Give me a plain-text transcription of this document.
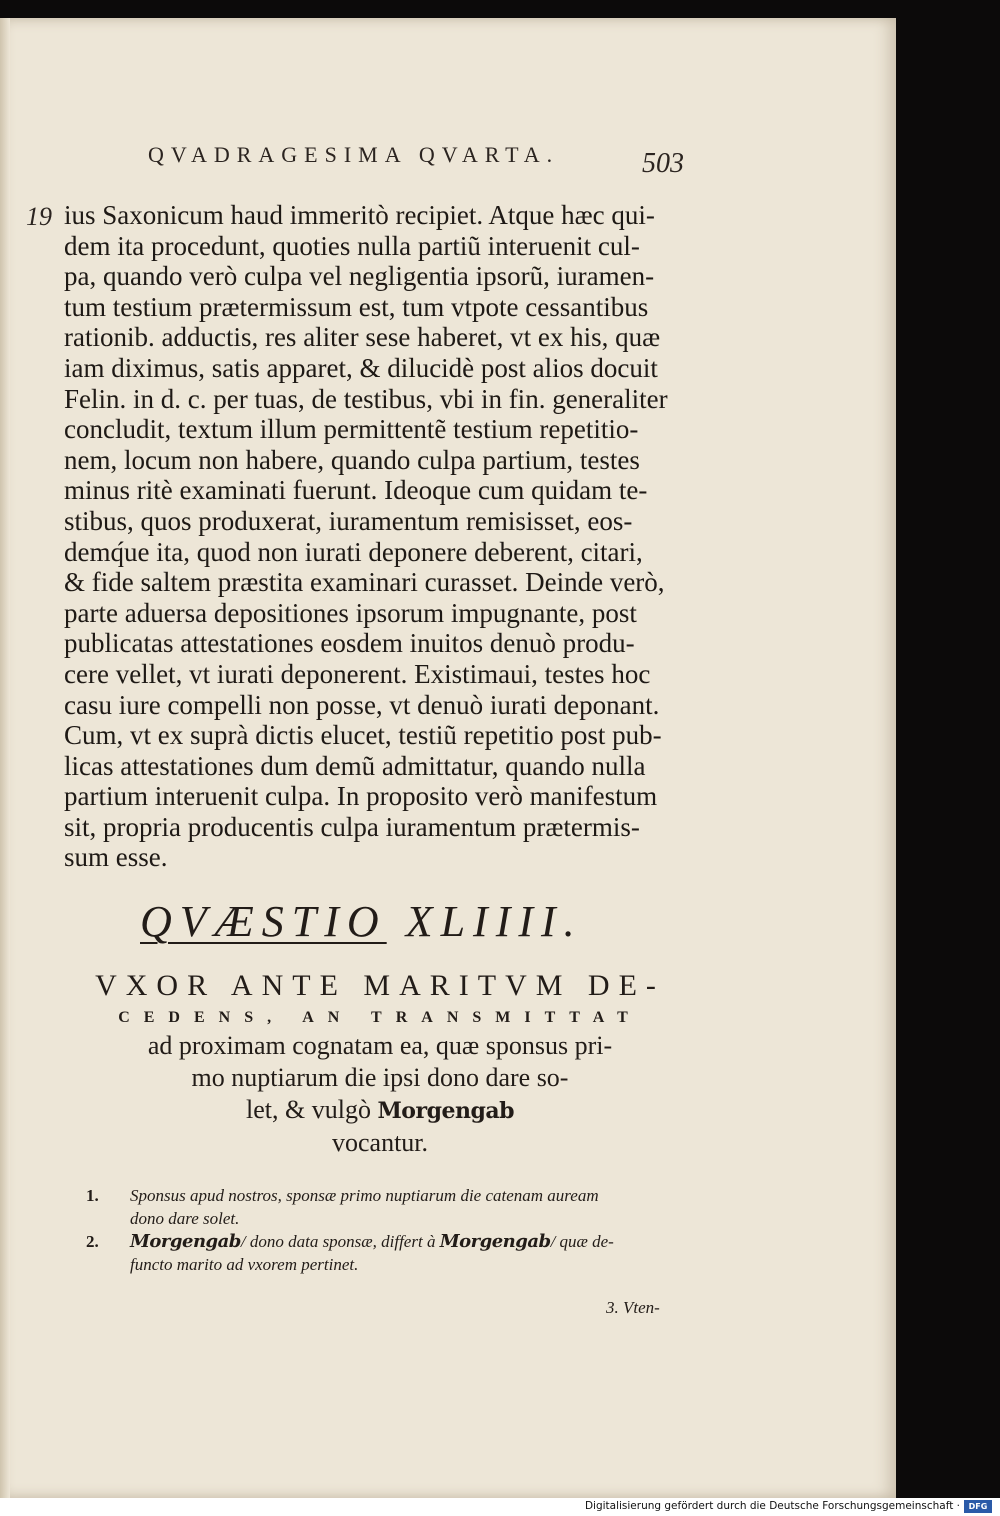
QVADRAGESIMA QVARTA.	503
19 ius Saxonicum haud immeritò recipiet. Atque hæc qui-
dem ita procedunt, quoties nulla partiũ interuenit cul-
pa, quando verò culpa vel negligentia ipsorũ, iuramen-
tum testium prætermissum est, tum vtpote cessantibus
rationib. adductis, res aliter sese haberet, vt ex his, quæ
iam diximus, satis apparet, & dilucidè post alios docuit
Felin. in d. c. per tuas, de testibus, vbi in fin. generaliter
concludit, textum illum permittentẽ testium repetitio-
nem, locum non habere, quando culpa partium, testes
minus ritè examinati fuerunt. Ideoque cum quidam te-
stibus, quos produxerat, iuramentum remisisset, eos-
demq́ue ita, quod non iurati deponere deberent, citari,
& fide saltem præstita examinari curasset. Deinde verò,
parte aduersa depositiones ipsorum impugnante, post
publicatas attestationes eosdem inuitos denuò produ-
cere vellet, vt iurati deponerent. Existimaui, testes hoc
casu iure compelli non posse, vt denuò iurati deponant.
Cum, vt ex suprà dictis elucet, testiũ repetitio post pub-
licas attestationes dum demũ admittatur, quando nulla
partium interuenit culpa. In proposito verò manifestum
sit, propria producentis culpa iuramentum prætermis-
sum esse.
QVÆSTIO XLIIII.
VXOR ANTE MARITVM DE-
CEDENS, AN TRANSMITTAT
ad proximam cognatam ea, quæ sponsus pri-
mo nuptiarum die ipsi dono dare so-
let, & vulgò Morgengab
vocantur.
1. Sponsus apud nostros, sponsæ primo nuptiarum die catenam auream
dono dare solet.
2. Morgengab/ dono data sponsæ, differt à Morgengab/ quæ de-
functo marito ad vxorem pertinet.
3. Vten-
Digitalisierung gefördert durch die Deutsche Forschungsgemeinschaft ·	DFG
